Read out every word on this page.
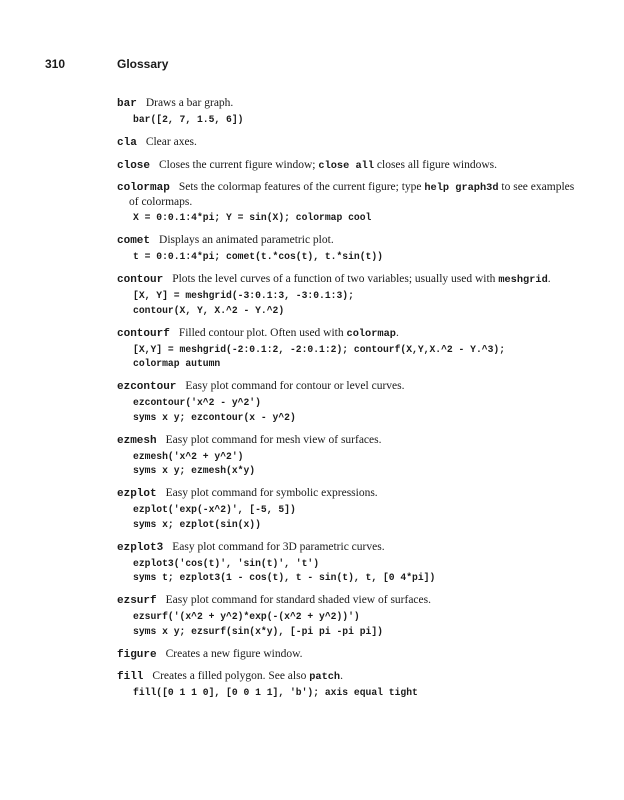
310	Glossary
bar Draws a bar graph.
bar([2, 7, 1.5, 6])
cla Clear axes.
close Closes the current figure window; close all closes all figure windows.
colormap Sets the colormap features of the current figure; type help graph3d to see examples of colormaps.
X = 0:0.1:4*pi; Y = sin(X); colormap cool
comet Displays an animated parametric plot.
t = 0:0.1:4*pi; comet(t.*cos(t), t.*sin(t))
contour Plots the level curves of a function of two variables; usually used with meshgrid.
[X, Y] = meshgrid(-3:0.1:3, -3:0.1:3);
contour(X, Y, X.^2 - Y.^2)
contourf Filled contour plot. Often used with colormap.
[X,Y] = meshgrid(-2:0.1:2, -2:0.1:2); contourf(X,Y,X.^2 - Y.^3);
colormap autumn
ezcontour Easy plot command for contour or level curves.
ezcontour('x^2 - y^2')
syms x y; ezcontour(x - y^2)
ezmesh Easy plot command for mesh view of surfaces.
ezmesh('x^2 + y^2')
syms x y; ezmesh(x*y)
ezplot Easy plot command for symbolic expressions.
ezplot('exp(-x^2)', [-5, 5])
syms x; ezplot(sin(x))
ezplot3 Easy plot command for 3D parametric curves.
ezplot3('cos(t)', 'sin(t)', 't')
syms t; ezplot3(1 - cos(t), t - sin(t), t, [0 4*pi])
ezsurf Easy plot command for standard shaded view of surfaces.
ezsurf('(x^2 + y^2)*exp(-(x^2 + y^2))')
syms x y; ezsurf(sin(x*y), [-pi pi -pi pi])
figure Creates a new figure window.
fill Creates a filled polygon. See also patch.
fill([0 1 1 0], [0 0 1 1], 'b'); axis equal tight
